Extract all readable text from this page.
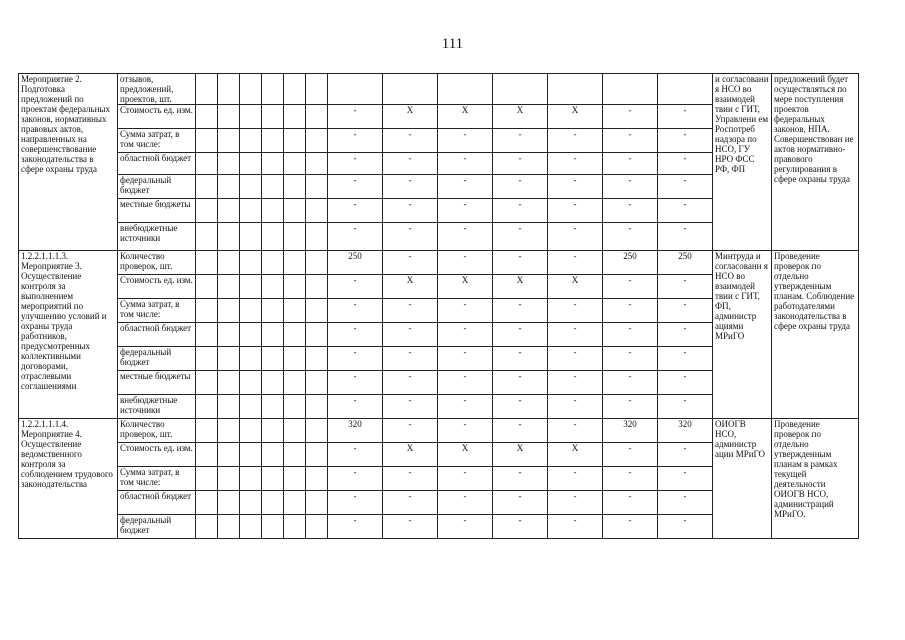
111
Мероприятие 2. Подготовка предложений по проектам федеральных законов, нормативных правовых актов, направленных на совершенствование законодательства в сфере охраны труда	отзывов, предложений, проектов, шт.														и согласовани я НСО во взаимодей твии с ГИТ, Управлени ем Роспотреб надзора по НСО, ГУ НРО ФСС РФ, ФП	предложений будет осуществляться по мере поступления проектов федеральных законов, НПА. Совершенствован ие актов нормативно-правового регулирования в сфере охраны труда
	Стоимость ед. изм.							-	X	X	X	X	-	-		
	Сумма затрат, в том числе:							-	-	-	-	-	-	-		
	областной бюджет							-	-	-	-	-	-	-		
	федеральный бюджет							-	-	-	-	-	-	-		
	местные бюджеты							-	-	-	-	-	-	-		
	внебюджетные источники							-	-	-	-	-	-	-		
1.2.2.1.1.1.3. Мероприятие 3. Осуществление контроля за выполнением мероприятий по улучшению условий и охраны труда работников, предусмотренных коллективными договорами, отраслевыми соглашениями	Количество проверок, шт.							250	-	-	-	-	250	250	Минтруда и согласовани я НСО во взаимодей твии с ГИТ, ФП, администр ациями МРиГО	Проведение проверок по отдельно утвержденным планам. Соблюдение работодателями законодательства в сфере охраны труда
	Стоимость ед. изм.							-	X	X	X	X	-	-		
	Сумма затрат, в том числе:							-	-	-	-	-	-	-		
	областной бюджет							-	-	-	-	-	-	-		
	федеральный бюджет							-	-	-	-	-	-	-		
	местные бюджеты							-	-	-	-	-	-	-		
	внебюджетные источники							-	-	-	-	-	-	-		
1.2.2.1.1.1.4. Мероприятие 4. Осуществление ведомственного контроля за соблюдением трудового законодательства	Количество проверок, шт.							320	-	-	-	-	320	320	ОИОГВ НСО, администр ации МРиГО	Проведение проверок по отдельно утвержденным планам в рамках текущей деятельности ОИОГВ НСО, администраций МРиГО.
	Стоимость ед. изм.							-	X	X	X	X	-	-		
	Сумма затрат, в том числе:							-	-	-	-	-	-	-		
	областной бюджет							-	-	-	-	-	-	-		
	федеральный бюджет							-	-	-	-	-	-	-		
